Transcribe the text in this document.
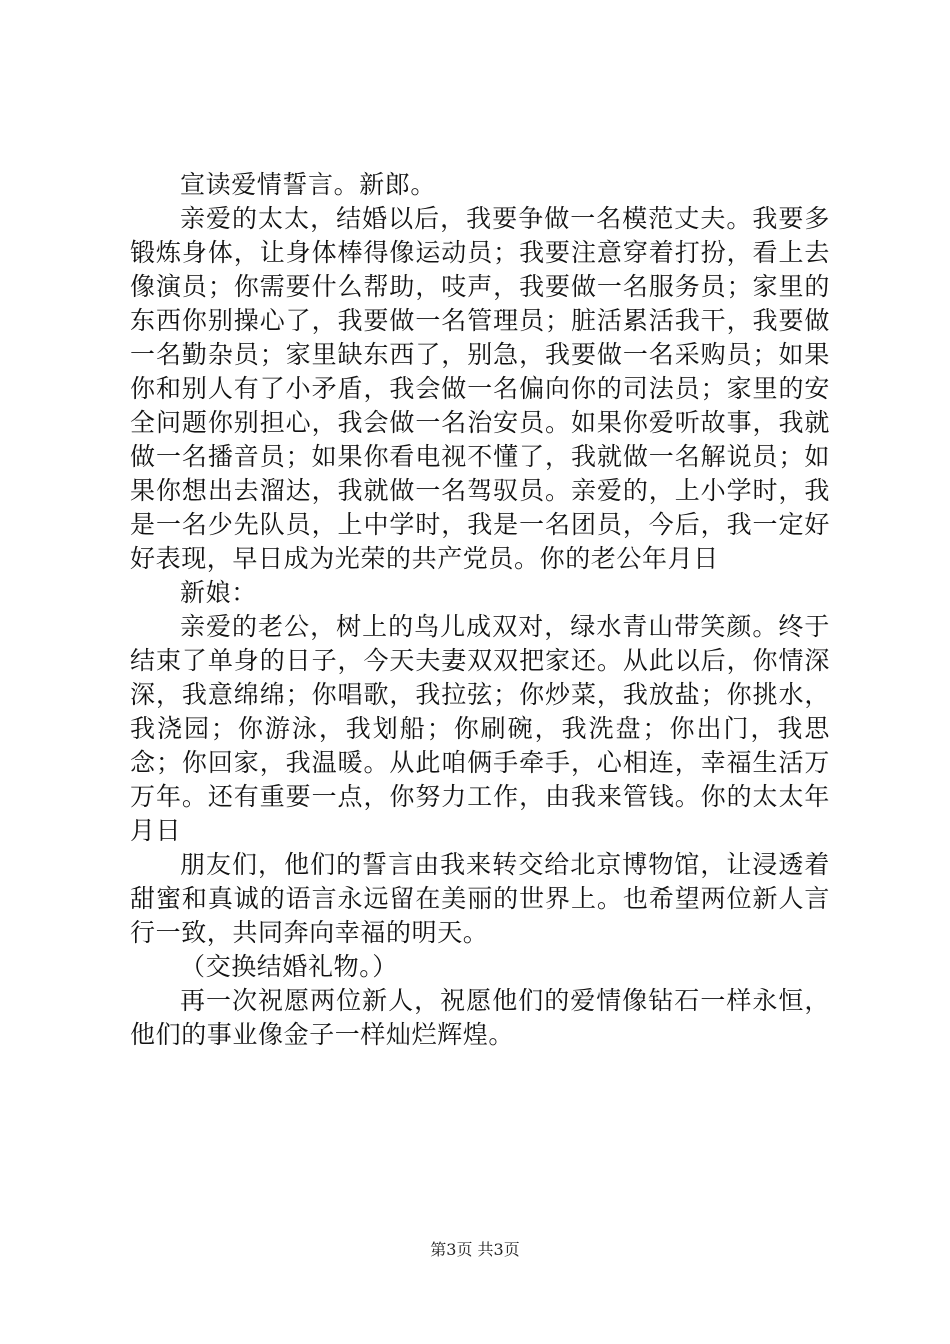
宣读爱情誓言。新郎。

亲爱的太太，结婚以后，我要争做一名模范丈夫。我要多锻炼身体，让身体棒得像运动员；我要注意穿着打扮，看上去像演员；你需要什么帮助，吱声，我要做一名服务员；家里的东西你别操心了，我要做一名管理员；脏活累活我干，我要做一名勤杂员；家里缺东西了，别急，我要做一名采购员；如果你和别人有了小矛盾，我会做一名偏向你的司法员；家里的安全问题你别担心，我会做一名治安员。如果你爱听故事，我就做一名播音员；如果你看电视不懂了，我就做一名解说员；如果你想出去溜达，我就做一名驾驭员。亲爱的，上小学时，我是一名少先队员，上中学时，我是一名团员，今后，我一定好好表现，早日成为光荣的共产党员。你的老公年月日

新娘：

亲爱的老公，树上的鸟儿成双对，绿水青山带笑颜。终于结束了单身的日子，今天夫妻双双把家还。从此以后，你情深深，我意绵绵；你唱歌，我拉弦；你炒菜，我放盐；你挑水，我浇园；你游泳，我划船；你刷碗，我洗盘；你出门，我思念；你回家，我温暖。从此咱俩手牵手，心相连，幸福生活万万年。还有重要一点，你努力工作，由我来管钱。你的太太年月日

朋友们，他们的誓言由我来转交给北京博物馆，让浸透着甜蜜和真诚的语言永远留在美丽的世界上。也希望两位新人言行一致，共同奔向幸福的明天。

（交换结婚礼物。）

再一次祝愿两位新人，祝愿他们的爱情像钻石一样永恒，他们的事业像金子一样灿烂辉煌。

第3页 共3页
